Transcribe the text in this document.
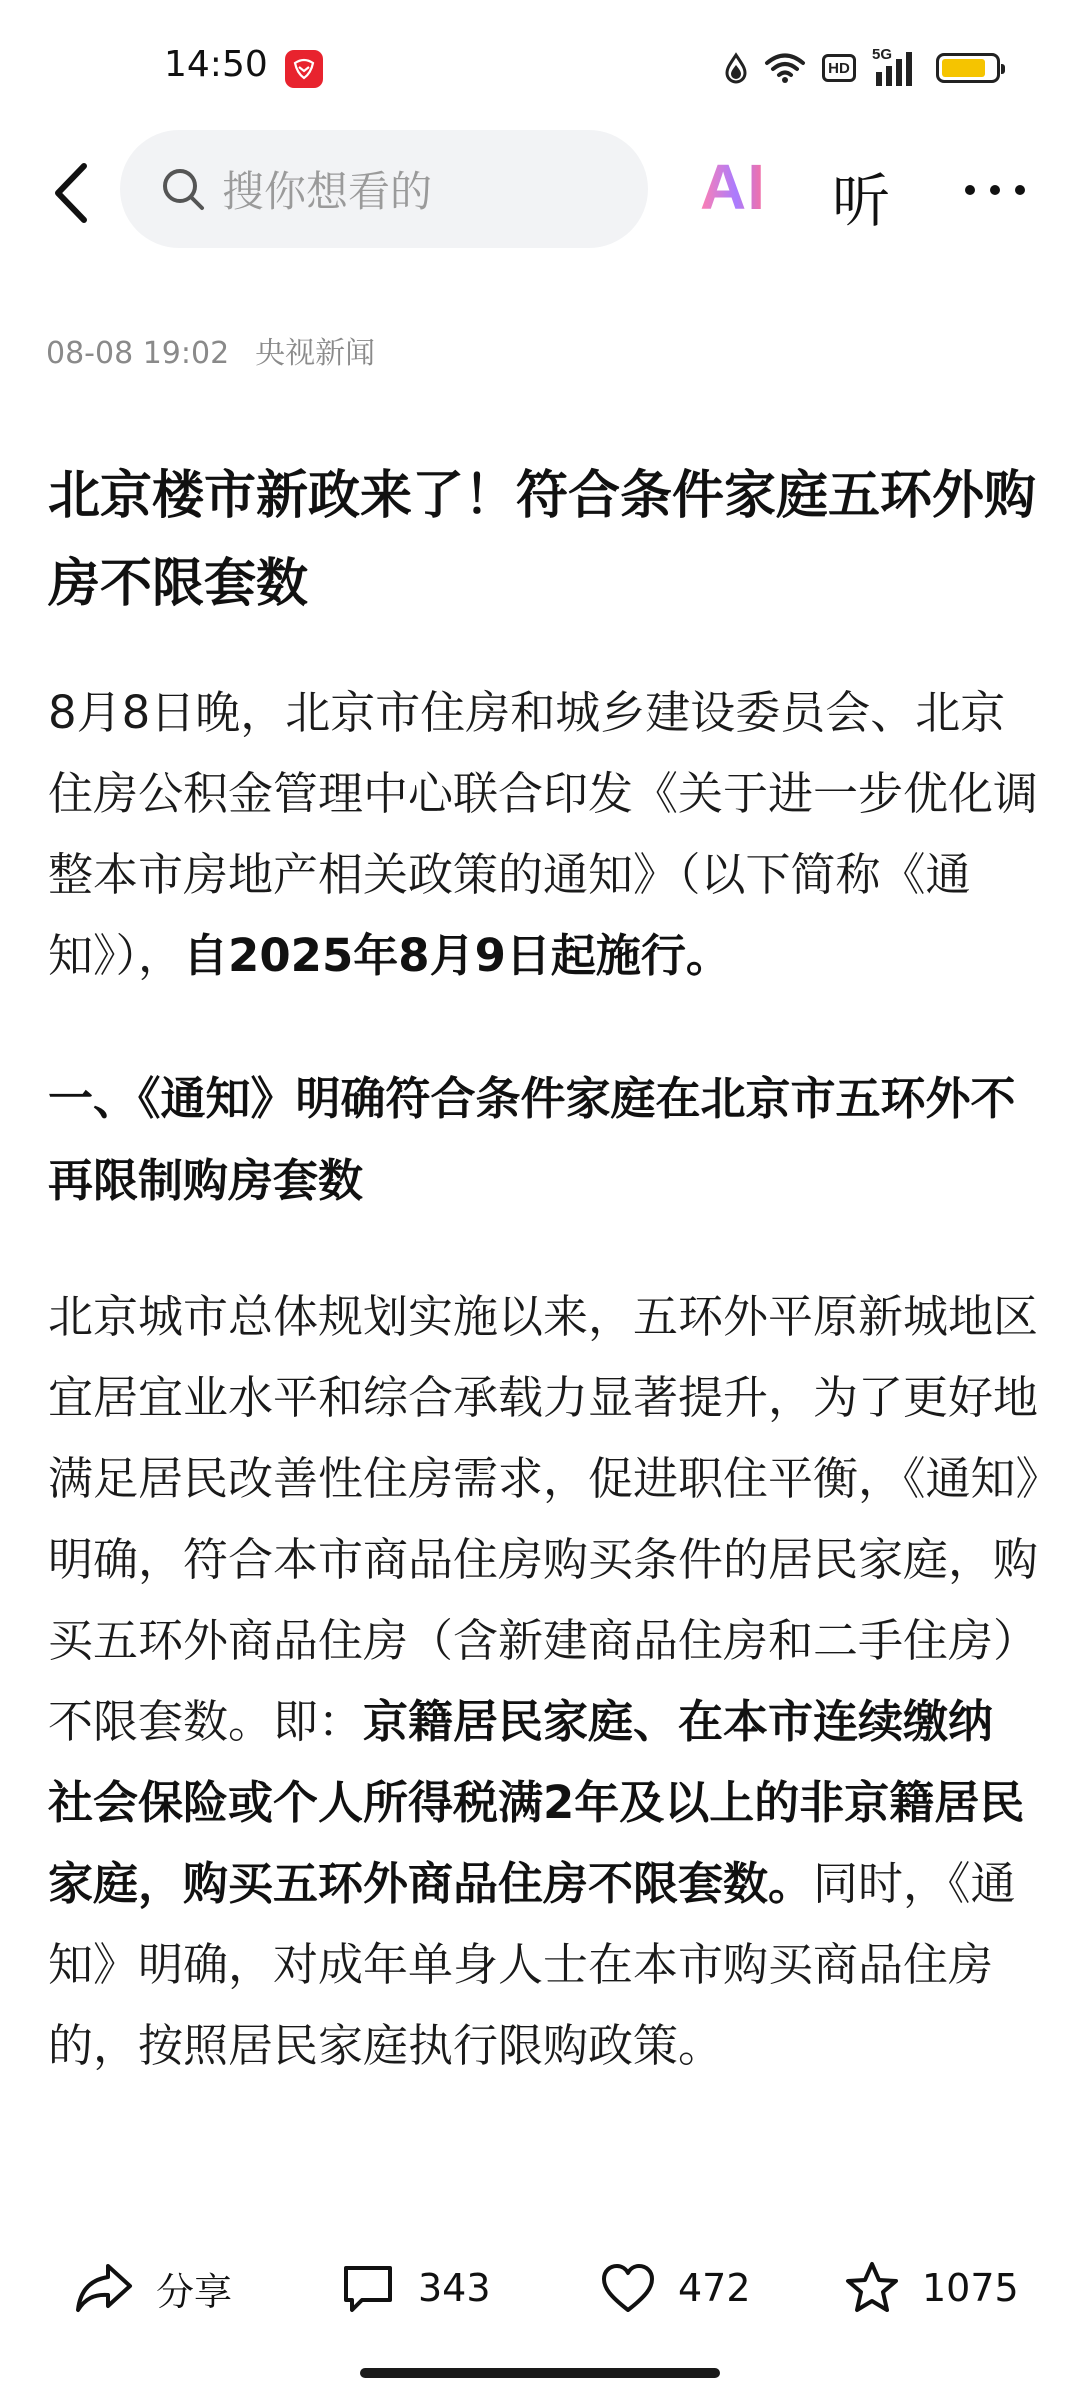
14:50	HD
5G
搜你想看的	AI 听
08-08 19:02 央视新闻
北京楼市新政来了！符合条件家庭五环外购房不限套数
8月8日晚，北京市住房和城乡建设委员会、北京住房公积金管理中心联合印发《关于进一步优化调整本市房地产相关政策的通知》（以下简称《通知》），自2025年8月9日起施行。
一、《通知》明确符合条件家庭在北京市五环外不再限制购房套数
北京城市总体规划实施以来，五环外平原新城地区宜居宜业水平和综合承载力显著提升，为了更好地满足居民改善性住房需求，促进职住平衡，《通知》明确，符合本市商品住房购买条件的居民家庭，购买五环外商品住房（含新建商品住房和二手住房）不限套数。即：京籍居民家庭、在本市连续缴纳社会保险或个人所得税满2年及以上的非京籍居民家庭，购买五环外商品住房不限套数。同时，《通知》明确，对成年单身人士在本市购买商品住房的，按照居民家庭执行限购政策。
分享	343	472	1075
